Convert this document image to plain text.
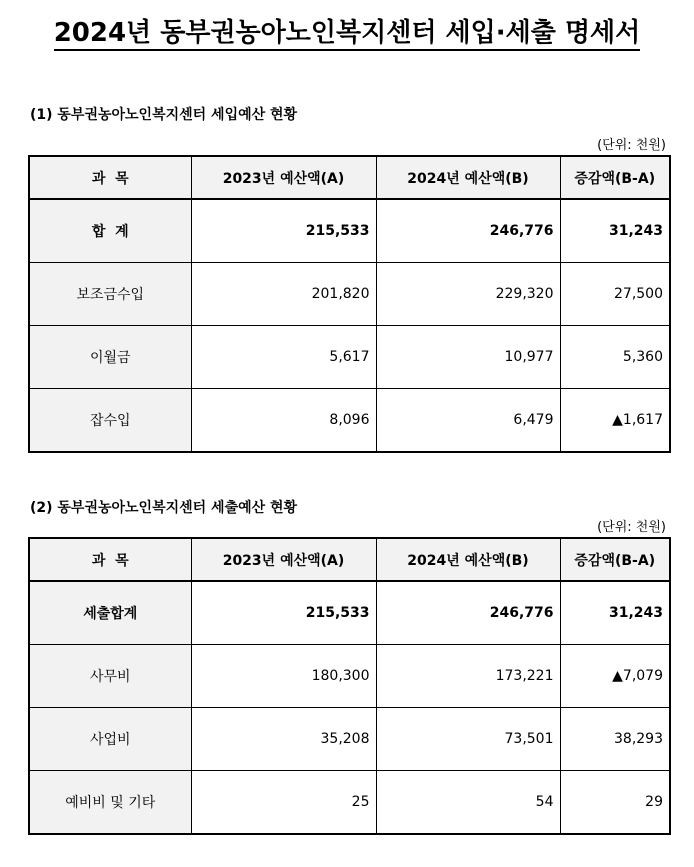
2024년 동부권농아노인복지센터 세입·세출 명세서
(1) 동부권농아노인복지센터 세입예산 현황
(단위: 천원)
과  목	2023년 예산액(A)	2024년 예산액(B)	증감액(B-A)
합  계	215,533	246,776	31,243
보조금수입	201,820	229,320	27,500
이월금	5,617	10,977	5,360
잡수입	8,096	6,479	▲1,617
(2) 동부권농아노인복지센터 세출예산 현황
(단위: 천원)
과  목	2023년 예산액(A)	2024년 예산액(B)	증감액(B-A)
세출합계	215,533	246,776	31,243
사무비	180,300	173,221	▲7,079
사업비	35,208	73,501	38,293
예비비 및 기타	25	54	29
